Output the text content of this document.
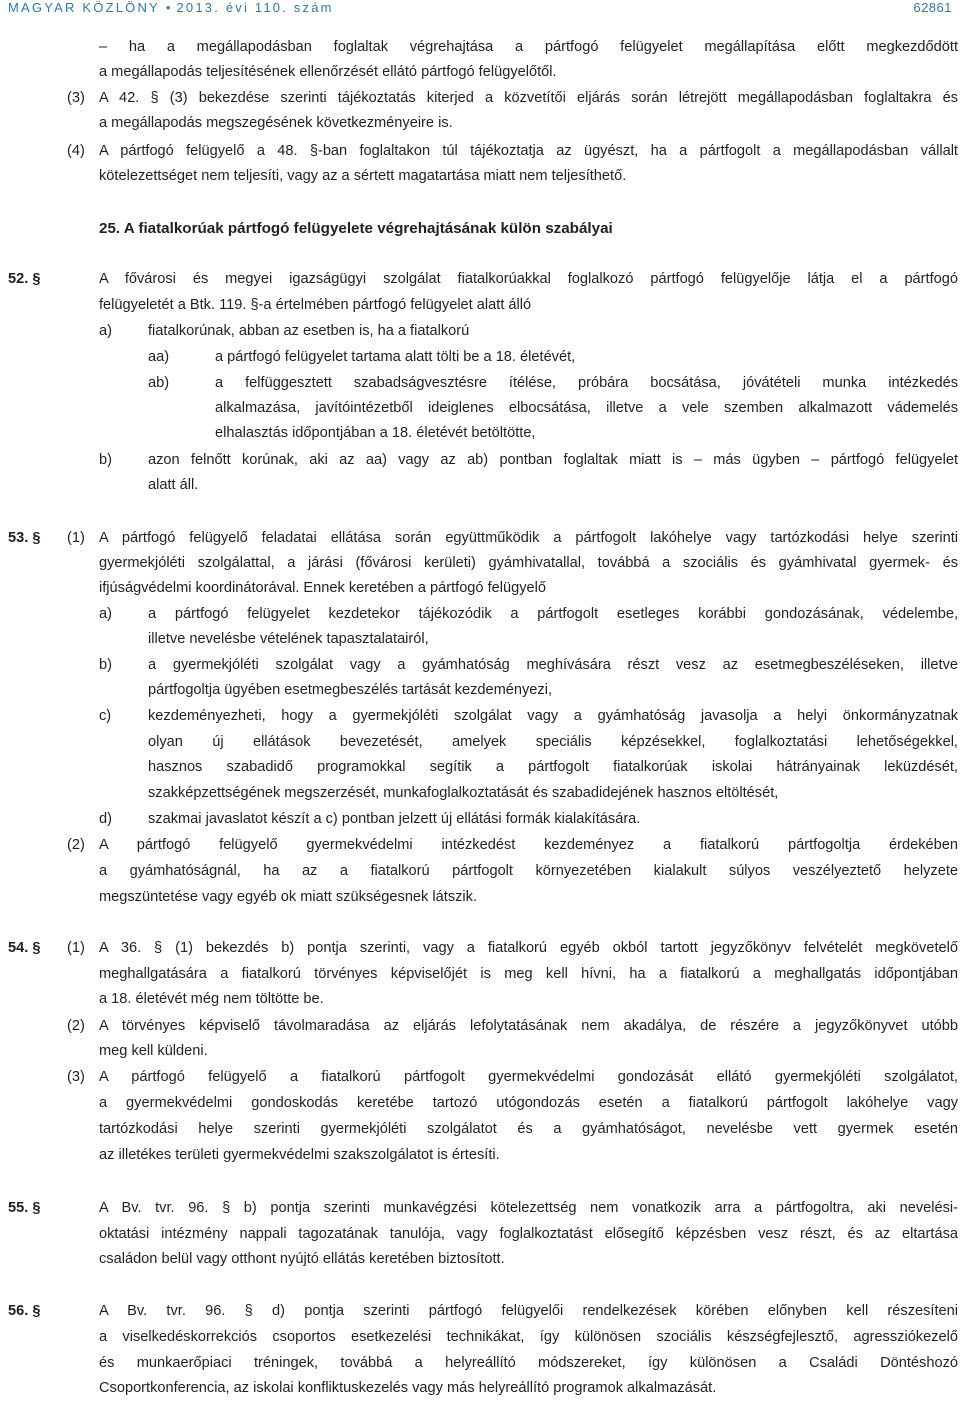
MAGYAR KÖZLÖNY • 2013. évi 110. szám	62861
– ha a megállapodásban foglaltak végrehajtása a pártfogó felügyelet megállapítása előtt megkezdődött
a megállapodás teljesítésének ellenőrzését ellátó pártfogó felügyelőtől.
(3) A 42. § (3) bekezdése szerinti tájékoztatás kiterjed a közvetítői eljárás során létrejött megállapodásban foglaltakra és
a megállapodás megszegésének következményeire is.
(4) A pártfogó felügyelő a 48. §-ban foglaltakon túl tájékoztatja az ügyészt, ha a pártfogolt a megállapodásban vállalt
kötelezettséget nem teljesíti, vagy az a sértett magatartása miatt nem teljesíthető.
25. A fiatalkorúak pártfogó felügyelete végrehajtásának külön szabályai
52. §	A fővárosi és megyei igazságügyi szolgálat fiatalkorúakkal foglalkozó pártfogó felügyelője látja el a pártfogó
felügyeletét a Btk. 119. §-a értelmében pártfogó felügyelet alatt álló
a) fiatalkorúnak, abban az esetben is, ha a fiatalkorú
aa)	a pártfogó felügyelet tartama alatt tölti be a 18. életévét,
ab)	a felfüggesztett szabadságvesztésre ítélése, próbára bocsátása, jóvátételi munka intézkedés
alkalmazása, javítóintézetből ideiglenes elbocsátása, illetve a vele szemben alkalmazott vádemelés
elhalasztás időpontjában a 18. életévét betöltötte,
b) azon felnőtt korúnak, aki az aa) vagy az ab) pontban foglaltak miatt is – más ügyben – pártfogó felügyelet
alatt áll.
53. § (1) A pártfogó felügyelő feladatai ellátása során együttműködik a pártfogolt lakóhelye vagy tartózkodási helye szerinti
gyermekjóléti szolgálattal, a járási (fővárosi kerületi) gyámhivatallal, továbbá a szociális és gyámhivatal gyermek- és
ifjúságvédelmi koordinátorával. Ennek keretében a pártfogó felügyelő
a) a pártfogó felügyelet kezdetekor tájékozódik a pártfogolt esetleges korábbi gondozásának, védelembe,
illetve nevelésbe vételének tapasztalatairól,
b) a gyermekjóléti szolgálat vagy a gyámhatóság meghívására részt vesz az esetmegbeszéléseken, illetve
pártfogoltja ügyében esetmegbeszélés tartását kezdeményezi,
c)	kezdeményezheti, hogy a gyermekjóléti szolgálat vagy a gyámhatóság javasolja a helyi önkormányzatnak
olyan új ellátások bevezetését, amelyek speciális képzésekkel, foglalkoztatási lehetőségekkel,
hasznos szabadidő programokkal segítik a pártfogolt fiatalkorúak iskolai hátrányainak leküzdését,
szakképzettségének megszerzését, munkafoglalkoztatását és szabadidejének hasznos eltöltését,
d) szakmai javaslatot készít a c) pontban jelzett új ellátási formák kialakítására.
(2) A pártfogó felügyelő gyermekvédelmi intézkedést kezdeményez a fiatalkorú pártfogoltja érdekében
a gyámhatóságnál, ha az a fiatalkorú pártfogolt környezetében kialakult súlyos veszélyeztető helyzete
megszüntetése vagy egyéb ok miatt szükségesnek látszik.
54. § (1) A 36. § (1) bekezdés b) pontja szerinti, vagy a fiatalkorú egyéb okból tartott jegyzőkönyv felvételét megkövetelő
meghallgatására a fiatalkorú törvényes képviselőjét is meg kell hívni, ha a fiatalkorú a meghallgatás időpontjában
a 18. életévét még nem töltötte be.
(2) A törvényes képviselő távolmaradása az eljárás lefolytatásának nem akadálya, de részére a jegyzőkönyvet utóbb
meg kell küldeni.
(3) A pártfogó felügyelő a fiatalkorú pártfogolt gyermekvédelmi gondozását ellátó gyermekjóléti szolgálatot,
a gyermekvédelmi gondoskodás keretébe tartozó utógondozás esetén a fiatalkorú pártfogolt lakóhelye vagy
tartózkodási helye szerinti gyermekjóléti szolgálatot és a gyámhatóságot, nevelésbe vett gyermek esetén
az illetékes területi gyermekvédelmi szakszolgálatot is értesíti.
55. §	A Bv. tvr. 96. § b) pontja szerinti munkavégzési kötelezettség nem vonatkozik arra a pártfogoltra, aki nevelési-
oktatási intézmény nappali tagozatának tanulója, vagy foglalkoztatást elősegítő képzésben vesz részt, és az eltartása
családon belül vagy otthont nyújtó ellátás keretében biztosított.
56. §	A Bv. tvr. 96. § d) pontja szerinti pártfogó felügyelői rendelkezések körében előnyben kell részesíteni
a viselkedéskorrekciós csoportos esetkezelési technikákat, így különösen szociális készségfejlesztő, agressziókezelő
és munkaerőpiaci tréningek, továbbá a helyreállító módszereket, így különösen a Családi Döntéshozó
Csoportkonferencia, az iskolai konfliktuskezelés vagy más helyreállító programok alkalmazását.
